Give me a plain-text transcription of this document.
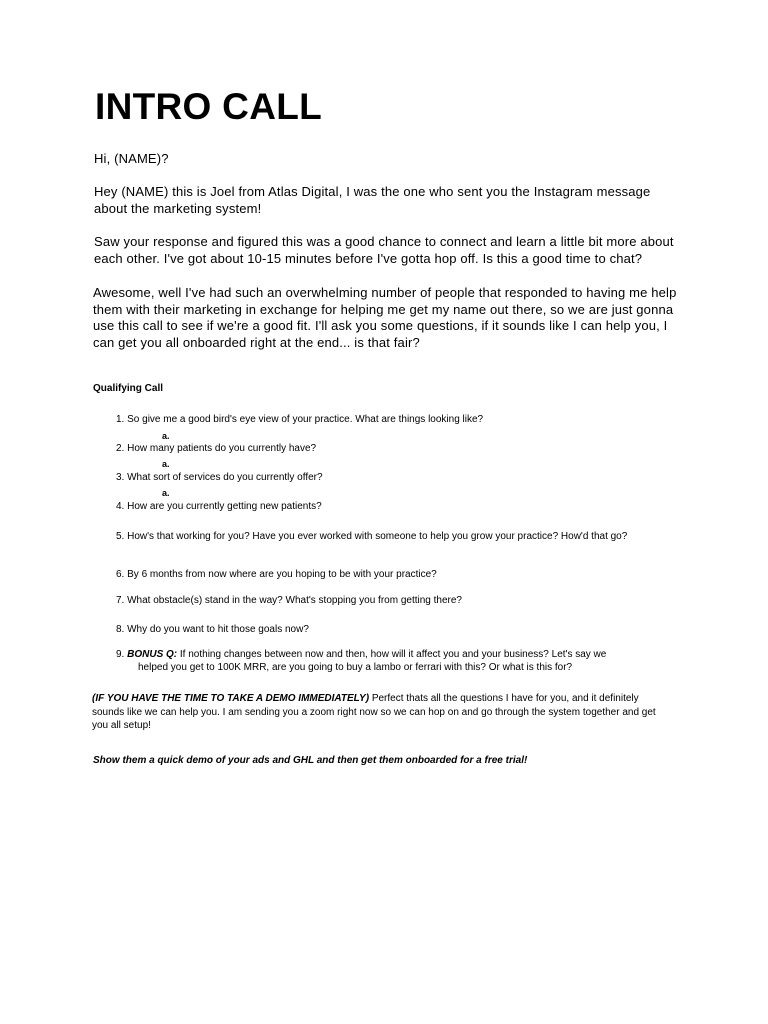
INTRO CALL

Hi, (NAME)?

Hey (NAME) this is Joel from Atlas Digital, I was the one who sent you the Instagram message about the marketing system!

Saw your response and figured this was a good chance to connect and learn a little bit more about each other. I've got about 10-15 minutes before I've gotta hop off. Is this a good time to chat?

Awesome, well I've had such an overwhelming number of people that responded to having me help them with their marketing in exchange for helping me get my name out there, so we are just gonna use this call to see if we're a good fit. I'll ask you some questions, if it sounds like I can help you, I can get you all onboarded right at the end... is that fair?

Qualifying Call

1. So give me a good bird's eye view of your practice. What are things looking like?

a.

2. How many patients do you currently have?

a.

3. What sort of services do you currently offer?

a.

4. How are you currently getting new patients?

5. How's that working for you? Have you ever worked with someone to help you grow your practice? How'd that go?

6. By 6 months from now where are you hoping to be with your practice?

7. What obstacle(s) stand in the way? What's stopping you from getting there?

8. Why do you want to hit those goals now?

9. BONUS Q: If nothing changes between now and then, how will it affect you and your business? Let's say we
helped you get to 100K MRR, are you going to buy a lambo or ferrari with this? Or what is this for?

(IF YOU HAVE THE TIME TO TAKE A DEMO IMMEDIATELY) Perfect thats all the questions I have for you, and it definitely sounds like we can help you. I am sending you a zoom right now so we can hop on and go through the system together and get you all setup!

Show them a quick demo of your ads and GHL and then get them onboarded for a free trial!
